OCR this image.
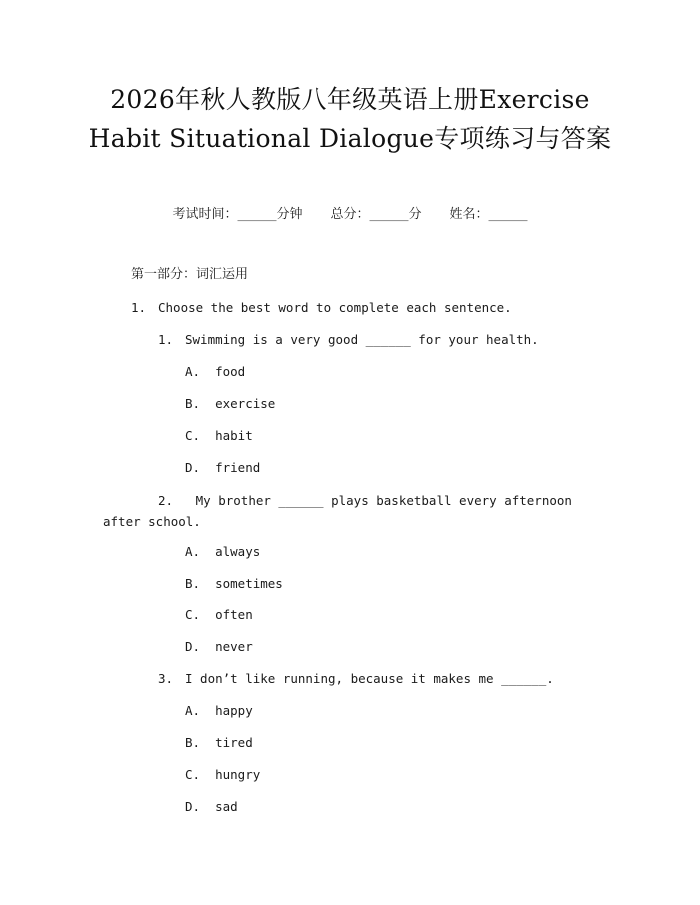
2026年秋人教版八年级英语上册Exercise Habit Situational Dialogue专项练习与答案
考试时间：______分钟 总分：______分 姓名：______
第一部分：词汇运用
1. Choose the best word to complete each sentence.
1. Swimming is a very good ______ for your health.
A.  food
B.  exercise
C.  habit
D.  friend
2. My brother ______ plays basketball every afternoon after school.
A.  always
B.  sometimes
C.  often
D.  never
3. I don’t like running, because it makes me ______.
A.  happy
B.  tired
C.  hungry
D.  sad
